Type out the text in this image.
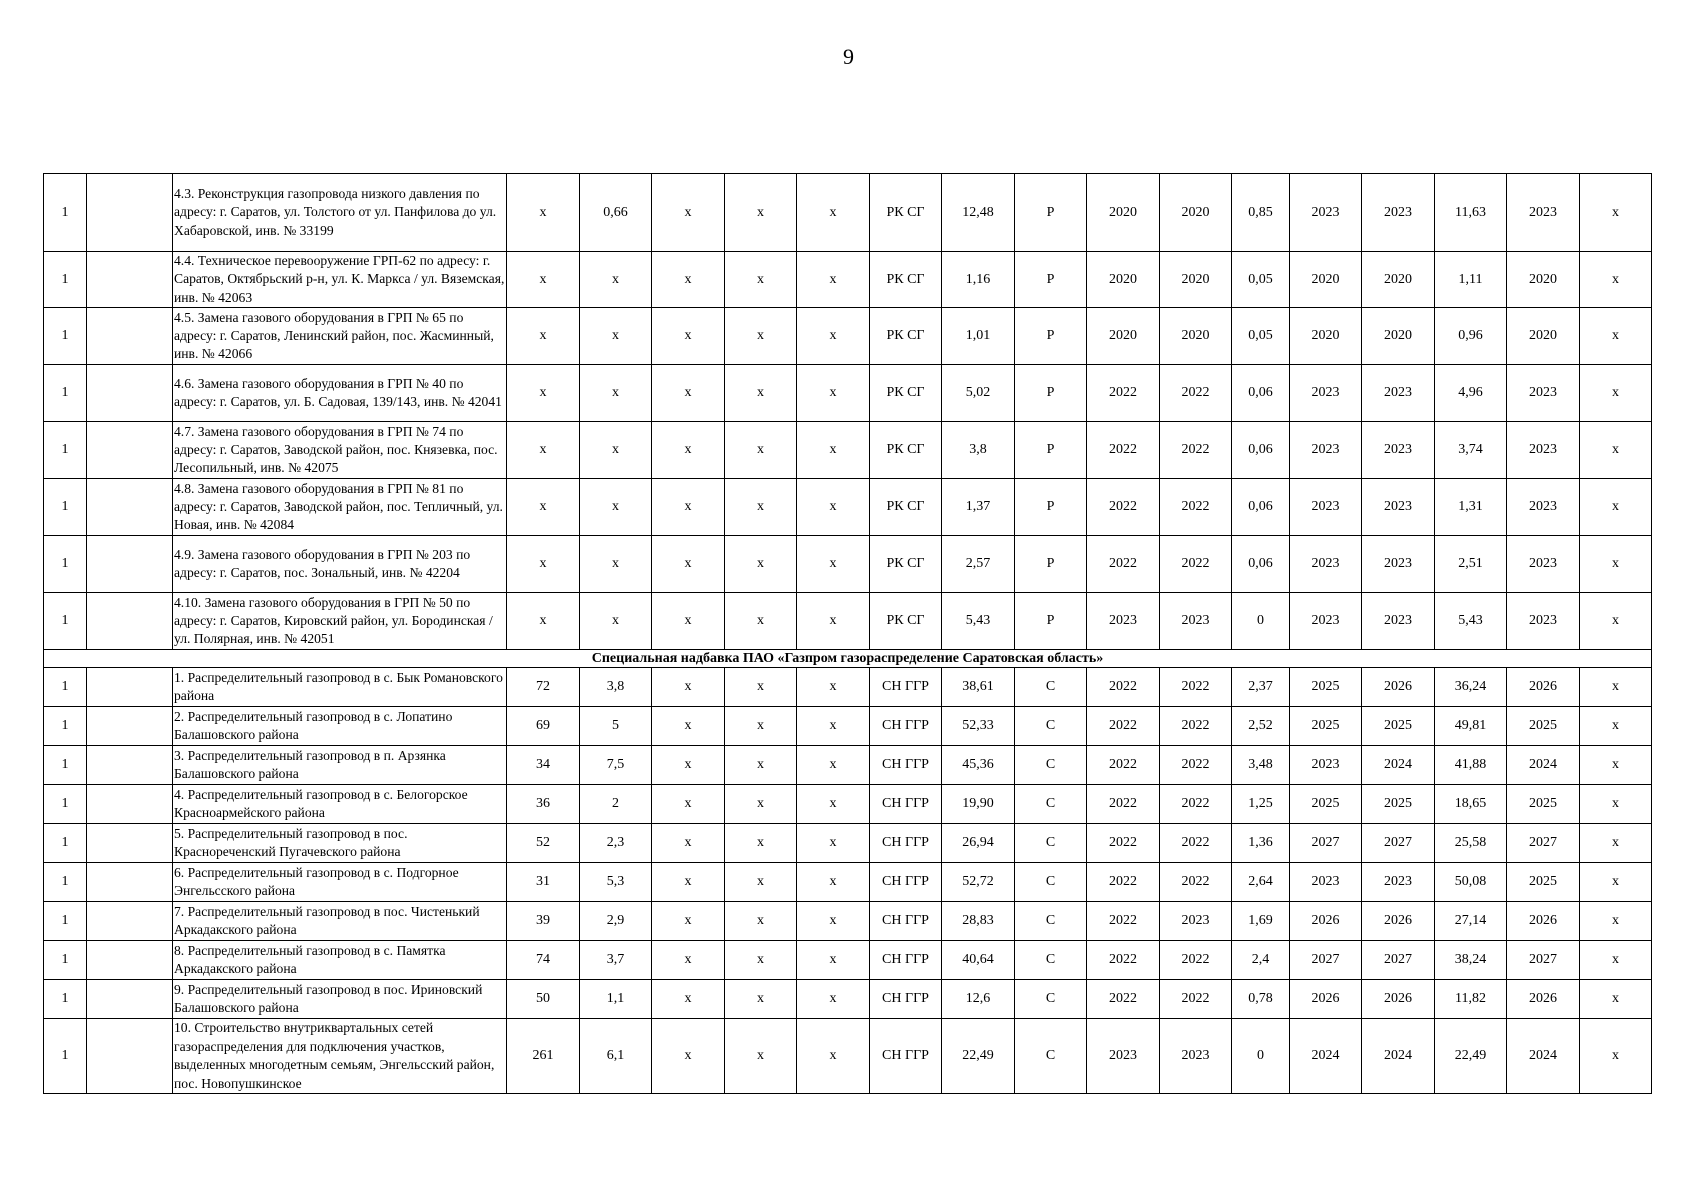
9
1		4.3. Реконструкция газопровода низкого давления по адресу: г. Саратов, ул. Толстого от ул. Панфилова до ул. Хабаровской, инв. № 33199	х	0,66	х	х	х	РК СГ	12,48	Р	2020	2020	0,85	2023	2023	11,63	2023	х
1		4.4. Техническое перевооружение ГРП-62 по адресу: г. Саратов, Октябрьский р-н, ул. К. Маркса / ул. Вяземская, инв. № 42063	х	х	х	х	х	РК СГ	1,16	Р	2020	2020	0,05	2020	2020	1,11	2020	х
1		4.5. Замена газового оборудования в ГРП № 65 по адресу: г. Саратов, Ленинский район, пос. Жасминный, инв. № 42066	х	х	х	х	х	РК СГ	1,01	Р	2020	2020	0,05	2020	2020	0,96	2020	х
1		4.6. Замена газового оборудования в ГРП № 40 по адресу: г. Саратов, ул. Б. Садовая, 139/143, инв. № 42041	х	х	х	х	х	РК СГ	5,02	Р	2022	2022	0,06	2023	2023	4,96	2023	х
1		4.7. Замена газового оборудования в ГРП № 74 по адресу: г. Саратов, Заводской район, пос. Князевка, пос. Лесопильный, инв. № 42075	х	х	х	х	х	РК СГ	3,8	Р	2022	2022	0,06	2023	2023	3,74	2023	х
1		4.8. Замена газового оборудования в ГРП № 81 по адресу: г. Саратов, Заводской район, пос. Тепличный, ул. Новая, инв. № 42084	х	х	х	х	х	РК СГ	1,37	Р	2022	2022	0,06	2023	2023	1,31	2023	х
1		4.9. Замена газового оборудования в ГРП № 203 по адресу: г. Саратов, пос. Зональный, инв. № 42204	х	х	х	х	х	РК СГ	2,57	Р	2022	2022	0,06	2023	2023	2,51	2023	х
1		4.10. Замена газового оборудования в ГРП № 50 по адресу: г. Саратов, Кировский район, ул. Бородинская / ул. Полярная, инв. № 42051	х	х	х	х	х	РК СГ	5,43	Р	2023	2023	0	2023	2023	5,43	2023	х
Специальная надбавка ПАО «Газпром газораспределение Саратовская область»																		
1		1. Распределительный газопровод в с. Бык Романовского района	72	3,8	х	х	х	СН ГГР	38,61	С	2022	2022	2,37	2025	2026	36,24	2026	х
1		2. Распределительный газопровод в с. Лопатино Балашовского района	69	5	х	х	х	СН ГГР	52,33	С	2022	2022	2,52	2025	2025	49,81	2025	х
1		3. Распределительный газопровод в п. Арзянка Балашовского района	34	7,5	х	х	х	СН ГГР	45,36	С	2022	2022	3,48	2023	2024	41,88	2024	х
1		4. Распределительный газопровод в с. Белогорское Красноармейского района	36	2	х	х	х	СН ГГР	19,90	С	2022	2022	1,25	2025	2025	18,65	2025	х
1		5. Распределительный газопровод в пос. Краснореченский Пугачевского района	52	2,3	х	х	х	СН ГГР	26,94	С	2022	2022	1,36	2027	2027	25,58	2027	х
1		6. Распределительный газопровод в с. Подгорное Энгельсского района	31	5,3	х	х	х	СН ГГР	52,72	С	2022	2022	2,64	2023	2023	50,08	2025	х
1		7. Распределительный газопровод в пос. Чистенький Аркадакского района	39	2,9	х	х	х	СН ГГР	28,83	С	2022	2023	1,69	2026	2026	27,14	2026	х
1		8. Распределительный газопровод в с. Памятка Аркадакского района	74	3,7	х	х	х	СН ГГР	40,64	С	2022	2022	2,4	2027	2027	38,24	2027	х
1		9. Распределительный газопровод в пос. Ириновский Балашовского района	50	1,1	х	х	х	СН ГГР	12,6	С	2022	2022	0,78	2026	2026	11,82	2026	х
1		10. Строительство внутриквартальных сетей газораспределения для подключения участков, выделенных многодетным семьям, Энгельсский район, пос. Новопушкинское	261	6,1	х	х	х	СН ГГР	22,49	С	2023	2023	0	2024	2024	22,49	2024	х
